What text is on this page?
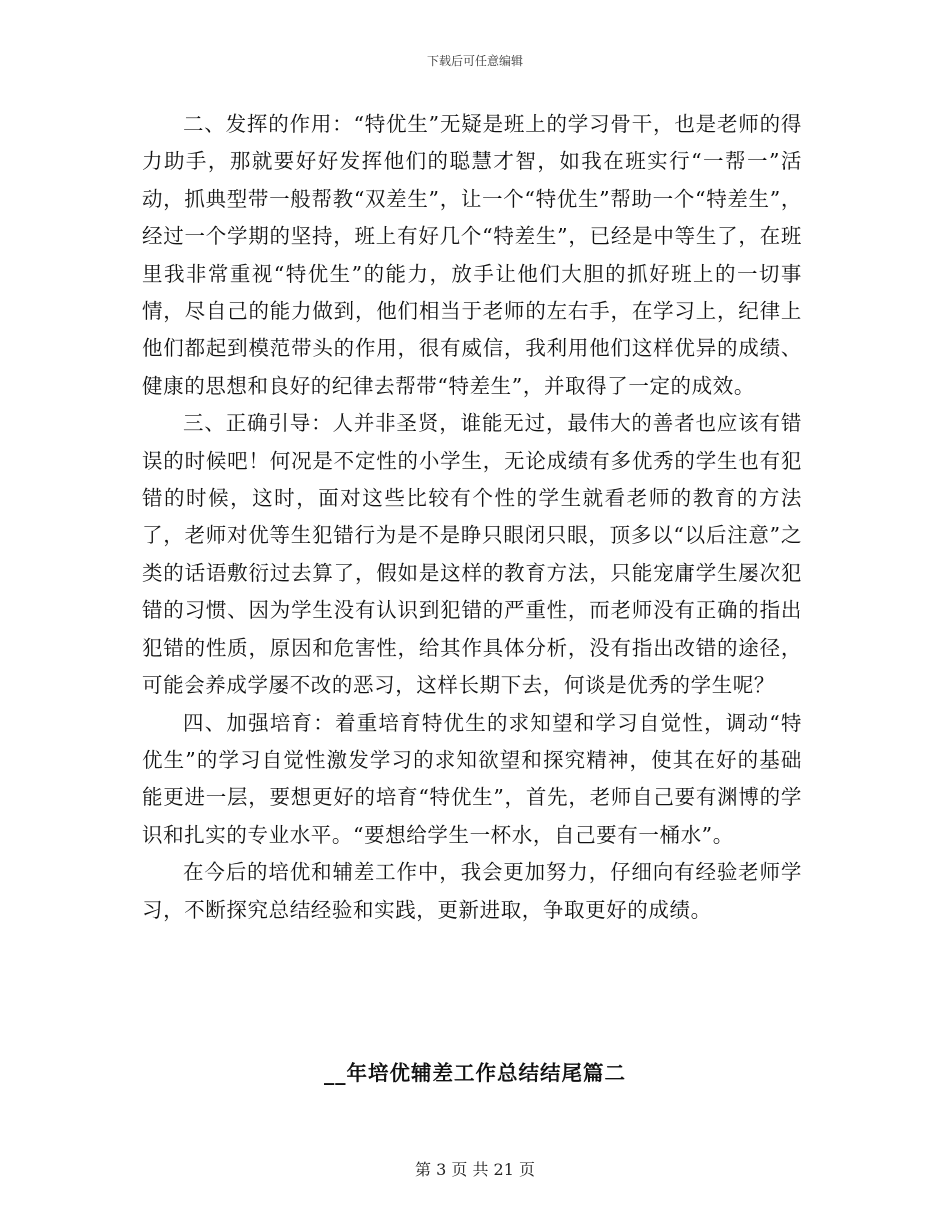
下载后可任意编辑

二、发挥的作用：“特优生”无疑是班上的学习骨干，也是老师的得力助手，那就要好好发挥他们的聪慧才智，如我在班实行“一帮一”活动，抓典型带一般帮教“双差生”，让一个“特优生”帮助一个“特差生”，经过一个学期的坚持，班上有好几个“特差生”，已经是中等生了，在班里我非常重视“特优生”的能力，放手让他们大胆的抓好班上的一切事情，尽自己的能力做到，他们相当于老师的左右手，在学习上，纪律上他们都起到模范带头的作用，很有威信，我利用他们这样优异的成绩、健康的思想和良好的纪律去帮带“特差生”，并取得了一定的成效。

三、正确引导：人并非圣贤，谁能无过，最伟大的善者也应该有错误的时候吧！何况是不定性的小学生，无论成绩有多优秀的学生也有犯错的时候，这时，面对这些比较有个性的学生就看老师的教育的方法了，老师对优等生犯错行为是不是睁只眼闭只眼，顶多以“以后注意”之类的话语敷衍过去算了，假如是这样的教育方法，只能宠庸学生屡次犯错的习惯、因为学生没有认识到犯错的严重性，而老师没有正确的指出犯错的性质，原因和危害性，给其作具体分析，没有指出改错的途径，可能会养成学屡不改的恶习，这样长期下去，何谈是优秀的学生呢？

四、加强培育：着重培育特优生的求知望和学习自觉性，调动“特优生”的学习自觉性激发学习的求知欲望和探究精神，使其在好的基础能更进一层，要想更好的培育“特优生”，首先，老师自己要有渊博的学识和扎实的专业水平。“要想给学生一杯水，自己要有一桶水”。

在今后的培优和辅差工作中，我会更加努力，仔细向有经验老师学习，不断探究总结经验和实践，更新进取，争取更好的成绩。

__年培优辅差工作总结结尾篇二
第 3 页 共 21 页
